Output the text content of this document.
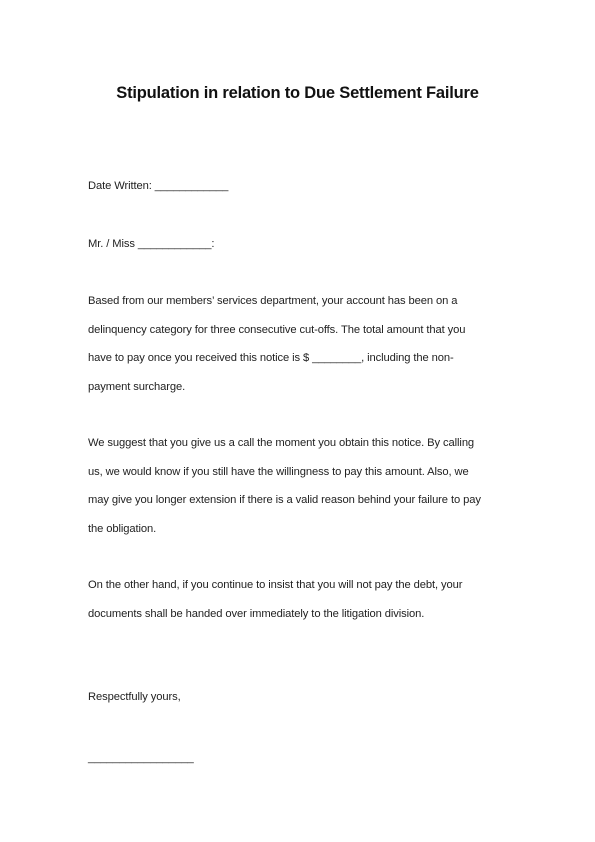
Stipulation in relation to Due Settlement Failure
Date Written: ____________
Mr. / Miss ____________:
Based from our members’ services department, your account has been on a
delinquency category for three consecutive cut-offs. The total amount that you
have to pay once you received this notice is $ ________, including the non-
payment surcharge.
We suggest that you give us a call the moment you obtain this notice. By calling
us, we would know if you still have the willingness to pay this amount. Also, we
may give you longer extension if there is a valid reason behind your failure to pay
the obligation.
On the other hand, if you continue to insist that you will not pay the debt, your
documents shall be handed over immediately to the litigation division.
Respectfully yours,
_________________
